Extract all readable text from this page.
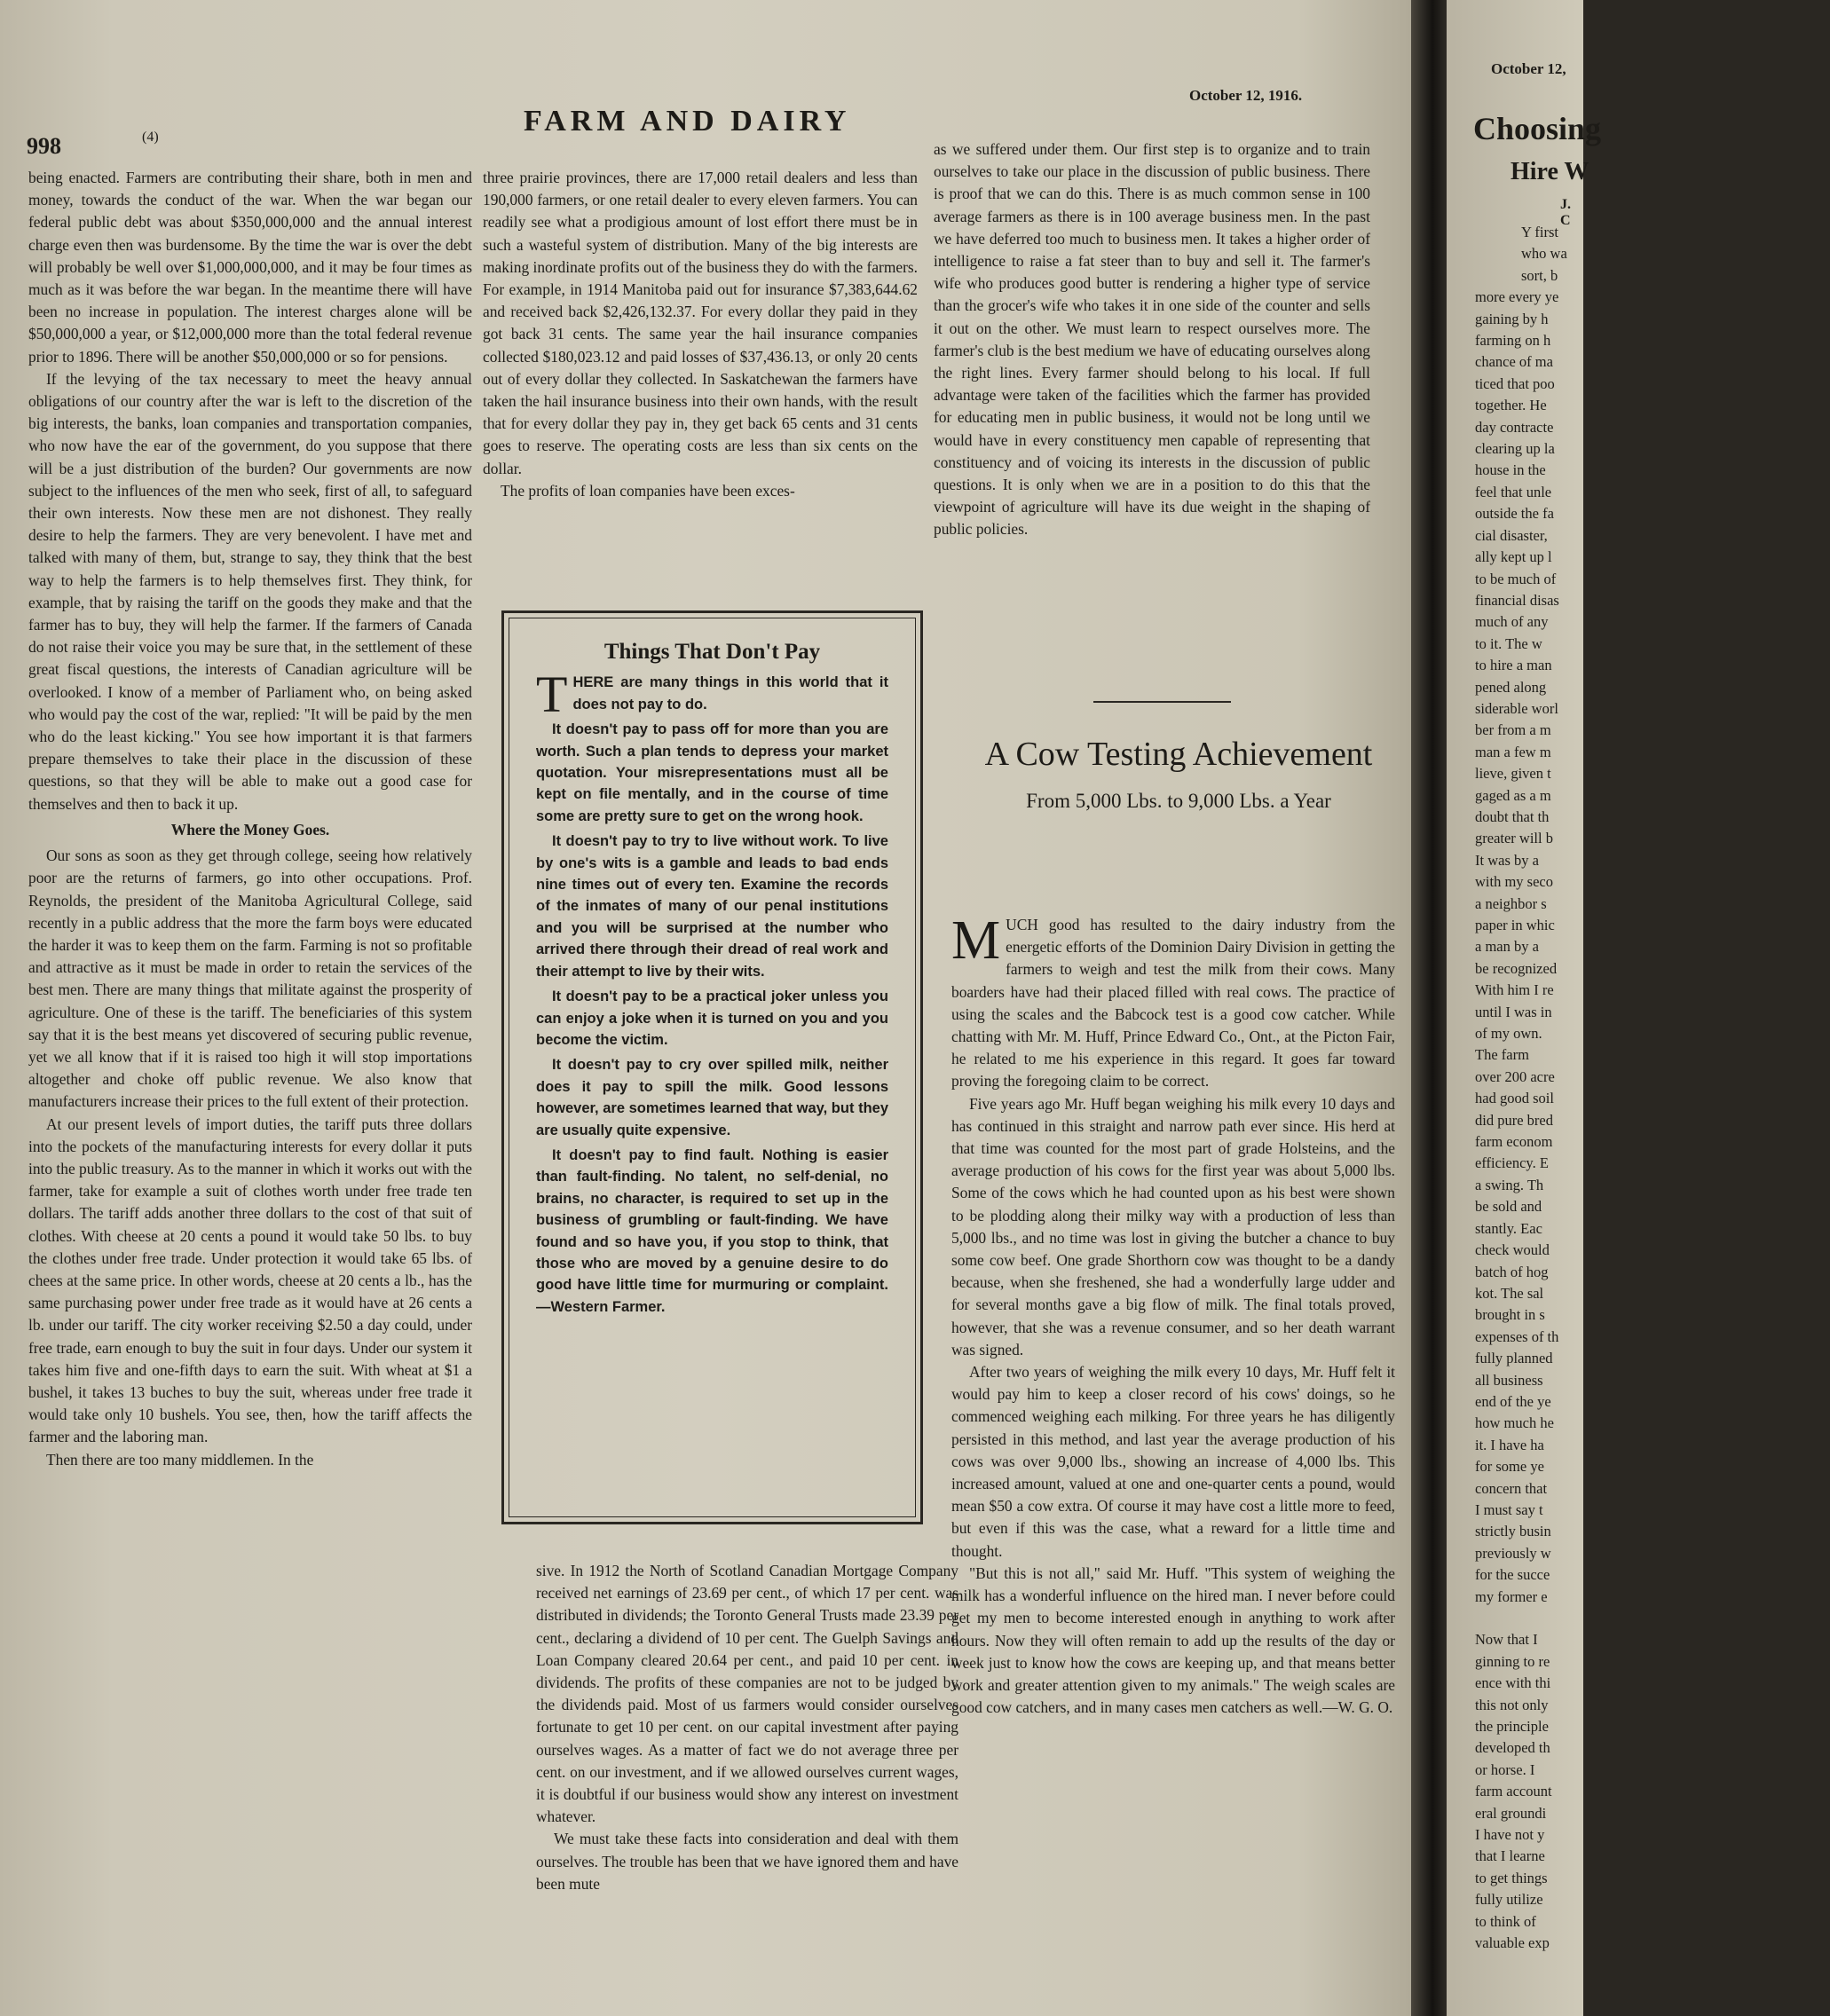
998	(4)	FARM AND DAIRY
October 12, 1916.

being enacted. Farmers are contributing their share, both in men and money, towards the conduct of the war. When the war began our federal public debt was about $350,000,000 and the annual interest charge even then was burdensome. By the time the war is over the debt will probably be well over $1,000,000,000, and it may be four times as much as it was before the war began. In the meantime there will have been no increase in population. The interest charges alone will be $50,000,000 a year, or $12,000,000 more than the total federal revenue prior to 1896. There will be another $50,000,000 or so for pensions.

If the levying of the tax necessary to meet the heavy annual obligations of our country after the war is left to the discretion of the big interests, the banks, loan companies and transportation companies, who now have the ear of the government, do you suppose that there will be a just distribution of the burden? Our governments are now subject to the influences of the men who seek, first of all, to safeguard their own interests. Now these men are not dishonest. They really desire to help the farmers. They are very benevolent. I have met and talked with many of them, but, strange to say, they think that the best way to help the farmers is to help themselves first. They think, for example, that by raising the tariff on the goods they make and that the farmer has to buy, they will help the farmer. If the farmers of Canada do not raise their voice you may be sure that, in the settlement of these great fiscal questions, the interests of Canadian agriculture will be overlooked. I know of a member of Parliament who, on being asked who would pay the cost of the war, replied: "It will be paid by the men who do the least kicking." You see how important it is that farmers prepare themselves to take their place in the discussion of these questions, so that they will be able to make out a good case for themselves and then to back it up.

Where the Money Goes.

Our sons as soon as they get through college, seeing how relatively poor are the returns of farmers, go into other occupations. Prof. Reynolds, the president of the Manitoba Agricultural College, said recently in a public address that the more the farm boys were educated the harder it was to keep them on the farm. Farming is not so profitable and attractive as it must be made in order to retain the services of the best men. There are many things that militate against the prosperity of agriculture. One of these is the tariff. The beneficiaries of this system say that it is the best means yet discovered of securing public revenue, yet we all know that if it is raised too high it will stop importations altogether and choke off public revenue. We also know that manufacturers increase their prices to the full extent of their protection.

At our present levels of import duties, the tariff puts three dollars into the pockets of the manufacturing interests for every dollar it puts into the public treasury. As to the manner in which it works out with the farmer, take for example a suit of clothes worth under free trade ten dollars. The tariff adds another three dollars to the cost of that suit of clothes. With cheese at 20 cents a pound it would take 50 lbs. to buy the clothes under free trade. Under protection it would take 65 lbs. of chees at the same price. In other words, cheese at 20 cents a lb., has the same purchasing power under free trade as it would have at 26 cents a lb. under our tariff. The city worker receiving $2.50 a day could, under free trade, earn enough to buy the suit in four days. Under our system it takes him five and one-fifth days to earn the suit. With wheat at $1 a bushel, it takes 13 buches to buy the suit, whereas under free trade it would take only 10 bushels. You see, then, how the tariff affects the farmer and the laboring man.

Then there are too many middlemen. In the

three prairie provinces, there are 17,000 retail dealers and less than 190,000 farmers, or one retail dealer to every eleven farmers. You can readily see what a prodigious amount of lost effort there must be in such a wasteful system of distribution. Many of the big interests are making inordinate profits out of the business they do with the farmers. For example, in 1914 Manitoba paid out for insurance $7,383,644.62 and received back $2,426,132.37. For every dollar they paid in they got back 31 cents. The same year the hail insurance companies collected $180,023.12 and paid losses of $37,436.13, or only 20 cents out of every dollar they collected. In Saskatchewan the farmers have taken the hail insurance business into their own hands, with the result that for every dollar they pay in, they get back 65 cents and 31 cents goes to reserve. The operating costs are less than six cents on the dollar.

The profits of loan companies have been exces-

Things That Don't Pay

THERE are many things in this world that it does not pay to do.

It doesn't pay to pass off for more than you are worth. Such a plan tends to depress your market quotation. Your misrepresentations must all be kept on file mentally, and in the course of time some are pretty sure to get on the wrong hook.

It doesn't pay to try to live without work. To live by one's wits is a gamble and leads to bad ends nine times out of every ten. Examine the records of the inmates of many of our penal institutions and you will be surprised at the number who arrived there through their dread of real work and their attempt to live by their wits.

It doesn't pay to be a practical joker unless you can enjoy a joke when it is turned on you and you become the victim.

It doesn't pay to cry over spilled milk, neither does it pay to spill the milk. Good lessons however, are sometimes learned that way, but they are usually quite expensive.

It doesn't pay to find fault. Nothing is easier than fault-finding. No talent, no self-denial, no brains, no character, is required to set up in the business of grumbling or fault-finding. We have found and so have you, if you stop to think, that those who are moved by a genuine desire to do good have little time for murmuring or complaint.—Western Farmer.

sive. In 1912 the North of Scotland Canadian Mortgage Company received net earnings of 23.69 per cent., of which 17 per cent. was distributed in dividends; the Toronto General Trusts made 23.39 per cent., declaring a dividend of 10 per cent. The Guelph Savings and Loan Company cleared 20.64 per cent., and paid 10 per cent. in dividends. The profits of these companies are not to be judged by the dividends paid. Most of us farmers would consider ourselves fortunate to get 10 per cent. on our capital investment after paying ourselves wages. As a matter of fact we do not average three per cent. on our investment, and if we allowed ourselves current wages, it is doubtful if our business would show any interest on investment whatever.

We must take these facts into consideration and deal with them ourselves. The trouble has been that we have ignored them and have been mute

as we suffered under them. Our first step is to organize and to train ourselves to take our place in the discussion of public business. There is proof that we can do this. There is as much common sense in 100 average farmers as there is in 100 average business men. In the past we have deferred too much to business men. It takes a higher order of intelligence to raise a fat steer than to buy and sell it. The farmer's wife who produces good butter is rendering a higher type of service than the grocer's wife who takes it in one side of the counter and sells it out on the other. We must learn to respect ourselves more. The farmer's club is the best medium we have of educating ourselves along the right lines. Every farmer should belong to his local. If full advantage were taken of the facilities which the farmer has provided for educating men in public business, it would not be long until we would have in every constituency men capable of representing that constituency and of voicing its interests in the discussion of public questions. It is only when we are in a position to do this that the viewpoint of agriculture will have its due weight in the shaping of public policies.

A Cow Testing Achievement
From 5,000 Lbs. to 9,000 Lbs. a Year

MUCH good has resulted to the dairy industry from the energetic efforts of the Dominion Dairy Division in getting the farmers to weigh and test the milk from their cows. Many boarders have had their placed filled with real cows. The practice of using the scales and the Babcock test is a good cow catcher. While chatting with Mr. M. Huff, Prince Edward Co., Ont., at the Picton Fair, he related to me his experience in this regard. It goes far toward proving the foregoing claim to be correct.

Five years ago Mr. Huff began weighing his milk every 10 days and has continued in this straight and narrow path ever since. His herd at that time was counted for the most part of grade Holsteins, and the average production of his cows for the first year was about 5,000 lbs. Some of the cows which he had counted upon as his best were shown to be plodding along their milky way with a production of less than 5,000 lbs., and no time was lost in giving the butcher a chance to buy some cow beef. One grade Shorthorn cow was thought to be a dandy because, when she freshened, she had a wonderfully large udder and for several months gave a big flow of milk. The final totals proved, however, that she was a revenue consumer, and so her death warrant was signed.

After two years of weighing the milk every 10 days, Mr. Huff felt it would pay him to keep a closer record of his cows' doings, so he commenced weighing each milking. For three years he has diligently persisted in this method, and last year the average production of his cows was over 9,000 lbs., showing an increase of 4,000 lbs. This increased amount, valued at one and one-quarter cents a pound, would mean $50 a cow extra. Of course it may have cost a little more to feed, but even if this was the case, what a reward for a little time and thought.

"But this is not all," said Mr. Huff. "This system of weighing the milk has a wonderful influence on the hired man. I never before could get my men to become interested enough in anything to work after hours. Now they will often remain to add up the results of the day or week just to know how the cows are keeping up, and that means better work and greater attention given to my animals." The weigh scales are good cow catchers, and in many cases men catchers as well.—W. G. O.

October 12,
Choosing
Hire W
J. C
Y first
who wa
sort, b
more every ye
gaining by h
farming on h
chance of ma
ticed that poo
together. He
day contracte
clearing up la
house in the
feel that unle
outside the fa
cial disaster,
ally kept up l
to be much of
financial disas
much of any
to it. The w
to hire a man
pened along
siderable worl
ber from a m
man a few m
lieve, given t
gaged as a m
doubt that th
greater will b
It was by a
with my seco
a neighbor s
paper in whic
a man by a
be recognized
With him I re
until I was in
of my own.
The farm
over 200 acre
had good soil
did pure bred
farm econom
efficiency. E
a swing. Th
be sold and
stantly. Eac
check would
batch of hog
kot. The sal
brought in s
expenses of th
fully planned
all business
end of the ye
how much he
it. I have ha
for some ye
concern that
I must say t
strictly busin
previously w
for the succe
my former e

Now that I
ginning to re
ence with thi
this not only
the principle
developed th
or horse. I
farm account
eral groundi
I have not y
that I learne
to get things
fully utilize
to think of
valuable exp
